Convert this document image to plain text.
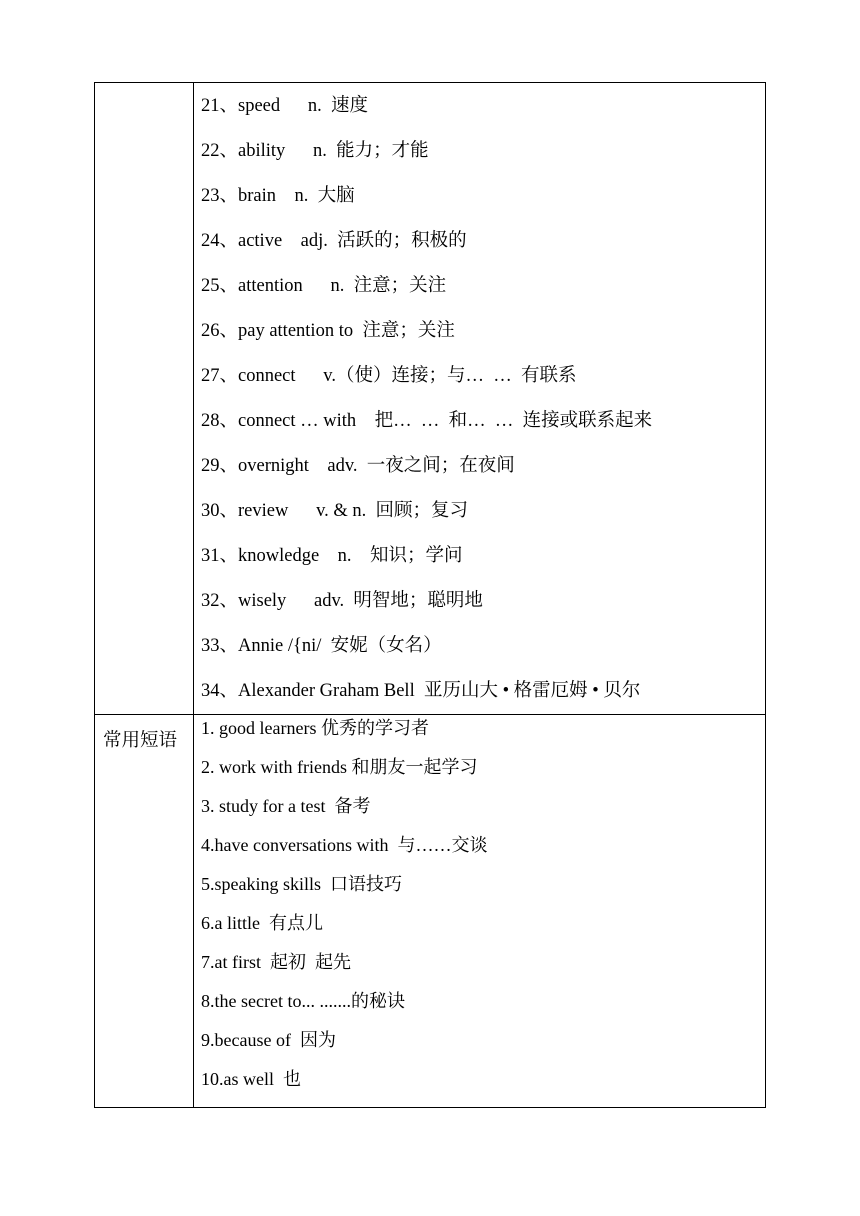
21、speed      n.  速度
22、ability      n.  能力；才能
23、brain    n.  大脑
24、active    adj.  活跃的；积极的
25、attention      n.  注意；关注
26、pay attention to  注意；关注
27、connect      v.（使）连接；与…  …  有联系
28、connect … with    把…  …  和…  …  连接或联系起来
29、overnight    adv.  一夜之间；在夜间
30、review      v. & n.  回顾；复习
31、knowledge    n.    知识；学问
32、wisely      adv.  明智地；聪明地
33、Annie /{ni/  安妮（女名）
34、Alexander Graham Bell  亚历山大 • 格雷厄姆 • 贝尔
常用短语
1. good learners 优秀的学习者
2. work with friends 和朋友一起学习
3. study for a test  备考
4.have conversations with  与……交谈
5.speaking skills  口语技巧
6.a little  有点儿
7.at first  起初  起先
8.the secret to... .......的秘诀
9.because of  因为
10.as well  也
